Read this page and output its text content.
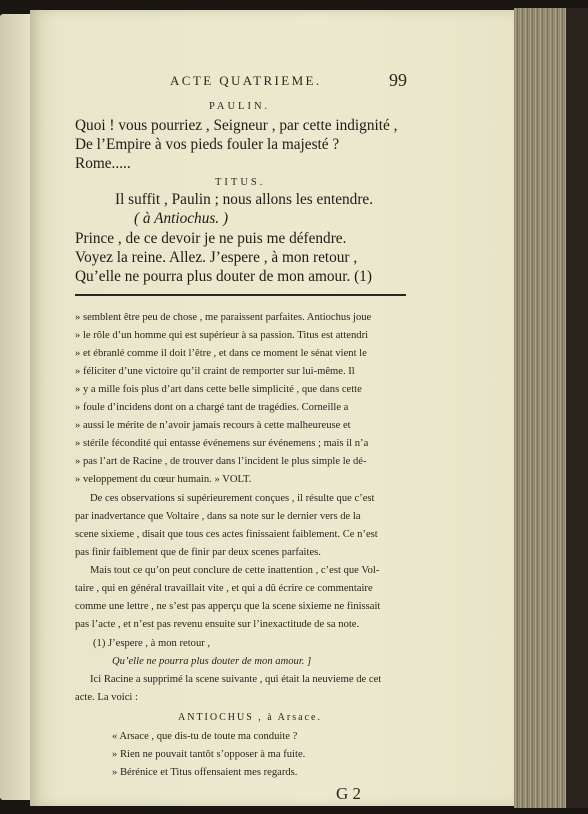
ACTE QUATRIEME.	99
PAULIN.
Quoi ! vous pourriez , Seigneur , par cette indignité ,
De l’Empire à vos pieds fouler la majesté ?
Rome.....
TITUS.
Il suffit , Paulin ; nous allons les entendre.
( à Antiochus. )
Prince , de ce devoir je ne puis me défendre.
Voyez la reine. Allez. J’espere , à mon retour ,
Qu’elle ne pourra plus douter de mon amour. (1)
» semblent être peu de chose , me paraissent parfaites. Antiochus joue
» le rôle d’un homme qui est supérieur à sa passion. Titus est attendri
» et ébranlé comme il doit l’être , et dans ce moment le sénat vient le
» féliciter d’une victoire qu’il craint de remporter sur lui-même. Il
» y a mille fois plus d’art dans cette belle simplicité , que dans cette
» foule d’incidens dont on a chargé tant de tragédies. Corneille a
» aussi le mérite de n’avoir jamais recours à cette malheureuse et
» stérile fécondité qui entasse événemens sur événemens ; mais il n’a
» pas l’art de Racine , de trouver dans l’incident le plus simple le dé-
» veloppement du cœur humain. » VOLT.
De ces observations si supérieurement conçues , il résulte que c’est
par inadvertance que Voltaire , dans sa note sur le dernier vers de la
scene sixieme , disait que tous ces actes finissaient faiblement. Ce n’est
pas finir faiblement que de finir par deux scenes parfaites.
Mais tout ce qu’on peut conclure de cette inattention , c’est que Vol-
taire , qui en général travaillait vite , et qui a dû écrire ce commentaire
comme une lettre , ne s’est pas apperçu que la scene sixieme ne finissait
pas l’acte , et n’est pas revenu ensuite sur l’inexactitude de sa note.
(1) J’espere , à mon retour ,
Qu’elle ne pourra plus douter de mon amour. ]
Ici Racine a supprimé la scene suivante , qui était la neuvieme de cet
acte. La voici :
ANTIOCHUS , à Arsace.
« Arsace , que dis-tu de toute ma conduite ?
» Rien ne pouvait tantôt s’opposer à ma fuite.
» Bérénice et Titus offensaient mes regards.
G 2
